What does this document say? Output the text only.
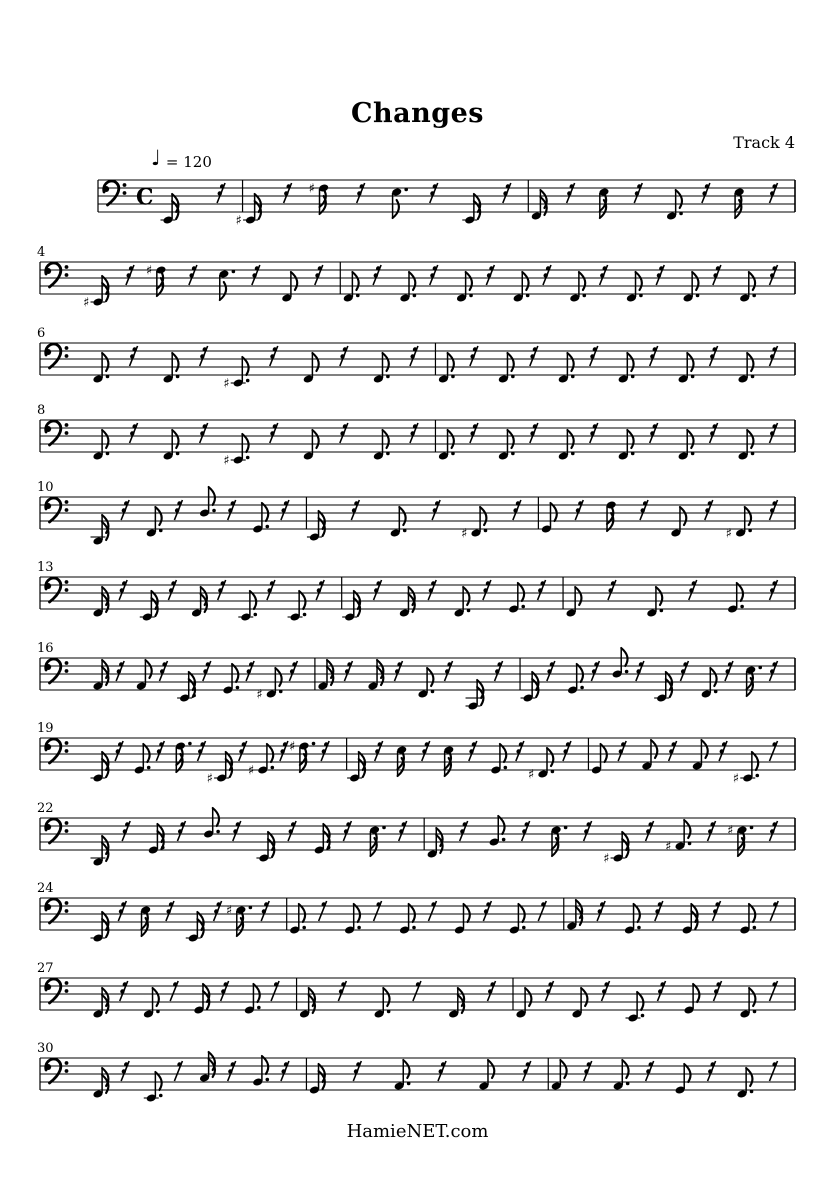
Changes
Track 4
♩ = 120
C
♯
♯
4
♯
♯
6
♯
8
♯
10
♯	♯
13
16
♯
19
♯
♯
♯
♯	♯
22
♯
♯
♯
24
♯
27
30
HamieNET.com
